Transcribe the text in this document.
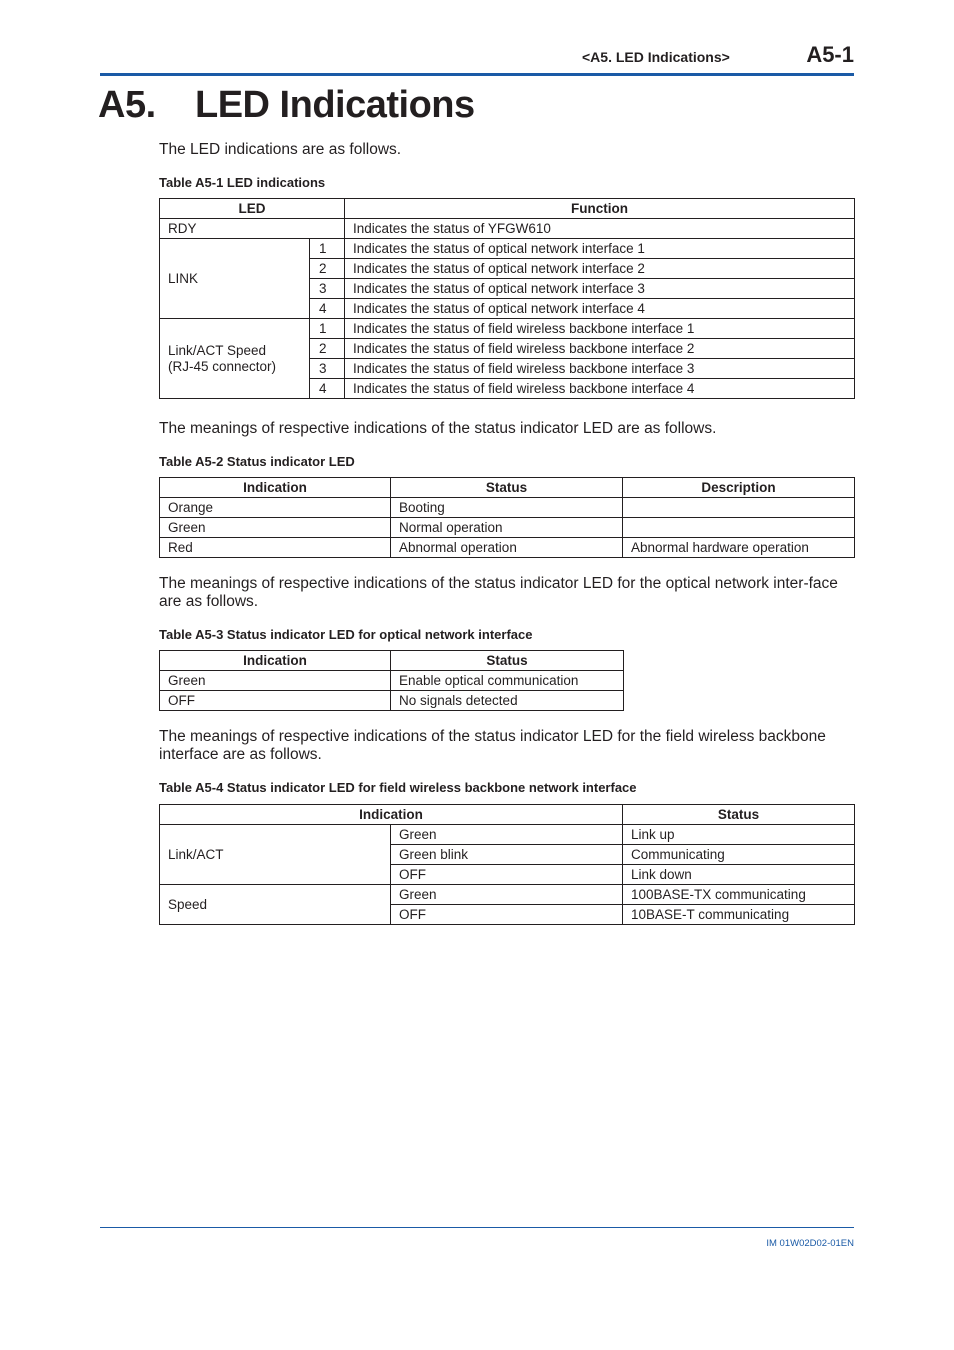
<A5. LED Indications>	A5-1
A5. LED Indications
The LED indications are as follows.
Table A5-1 LED indications
LED		Function
RDY		Indicates the status of YFGW610
LINK	1	Indicates the status of optical network interface 1
	2	Indicates the status of optical network interface 2
	3	Indicates the status of optical network interface 3
	4	Indicates the status of optical network interface 4

Link/ACT Speed
(RJ-45 connector)	1	Indicates the status of field wireless backbone interface 1
	2	Indicates the status of field wireless backbone interface 2
	3	Indicates the status of field wireless backbone interface 3
	4	Indicates the status of field wireless backbone interface 4
The meanings of respective indications of the status indicator LED are as follows.
Table A5-2 Status indicator LED
Indication	Status	Description
Orange	Booting	
Green	Normal operation	
Red	Abnormal operation	Abnormal hardware operation
The meanings of respective indications of the status indicator LED for the optical network inter-face are as follows.
Table A5-3 Status indicator LED for optical network interface
Indication	Status
Green	Enable optical communication
OFF	No signals detected
The meanings of respective indications of the status indicator LED for the field wireless backbone interface are as follows.
Table A5-4 Status indicator LED for field wireless backbone network interface
Indication		Status
Link/ACT	Green	Link up
	Green blink	Communicating
	OFF	Link down
Speed	Green	100BASE-TX communicating
	OFF	10BASE-T communicating
IM 01W02D02-01EN
